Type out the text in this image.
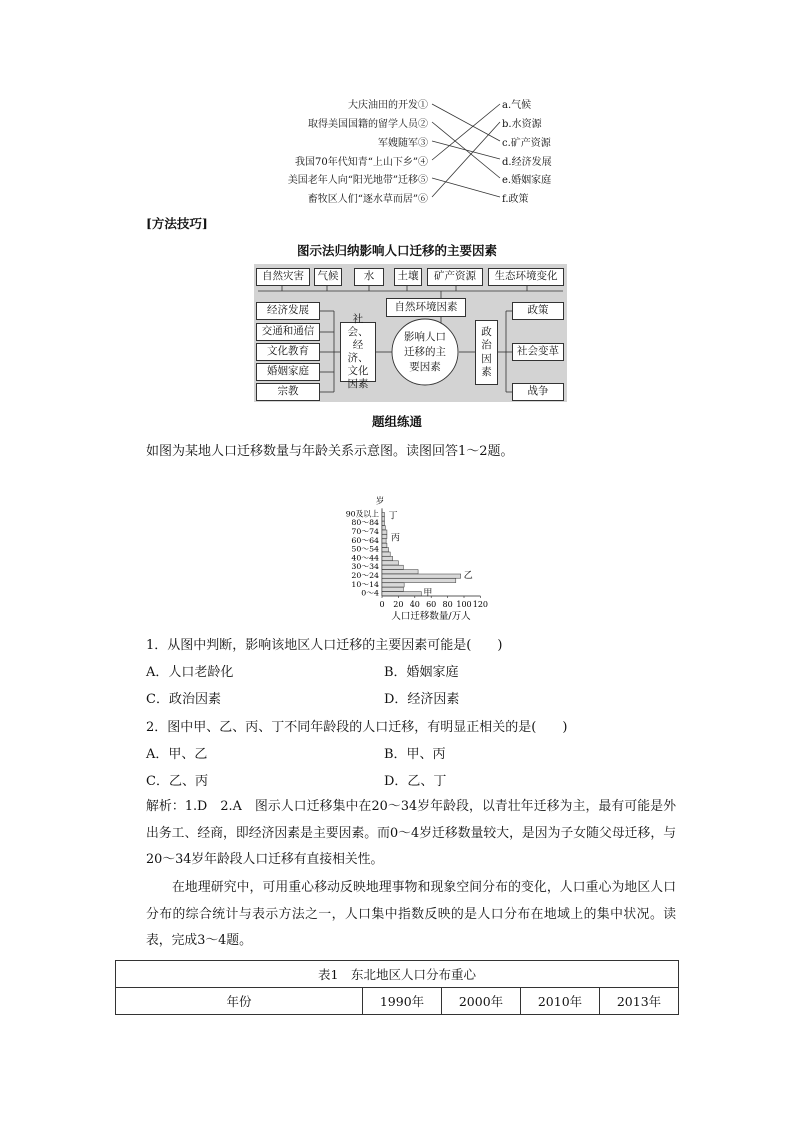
大庆油田的开发①
取得美国国籍的留学人员②
军嫂随军③
我国70年代知青“上山下乡”④
美国老年人向“阳光地带”迁移⑤
畜牧区人们“逐水草而居”⑥
a.气候
b.水资源
c.矿产资源
d.经济发展
e.婚姻家庭
f.政策
[方法技巧]
图示法归纳影响人口迁移的主要因素
自然灾害	气候	水	土壤	矿产资源	生态环境变化
自然环境因素
经济发展
交通和通信
文化教育
婚姻家庭
宗教
社会、经济、文化因素
影响人口迁移的主要因素
政治因素
政策
社会变革
战争
题组练通
如图为某地人口迁移数量与年龄关系示意图。读图回答1～2题。
0～4
10～14
20～24
30～34
40～44
50～54
60～64
70～74
80～84
90及以上
0 20 40 60 80 100 120
岁
人口迁移数量/万人
甲
乙
丙
丁
1．从图中判断，影响该地区人口迁移的主要因素可能是(　　)
A．人口老龄化	B．婚姻家庭
C．政治因素	D．经济因素
2．图中甲、乙、丙、丁不同年龄段的人口迁移，有明显正相关的是(　　)
A．甲、乙	B．甲、丙
C．乙、丙	D．乙、丁
解析：1.D　2.A　图示人口迁移集中在20～34岁年龄段，以青壮年迁移为主，最有可能是外出务工、经商，即经济因素是主要因素。而0～4岁迁移数量较大，是因为子女随父母迁移，与20～34岁年龄段人口迁移有直接相关性。
在地理研究中，可用重心移动反映地理事物和现象空间分布的变化，人口重心为地区人口分布的综合统计与表示方法之一，人口集中指数反映的是人口分布在地域上的集中状况。读表，完成3～4题。
表1　东北地区人口分布重心
年份	1990年	2000年	2010年	2013年
